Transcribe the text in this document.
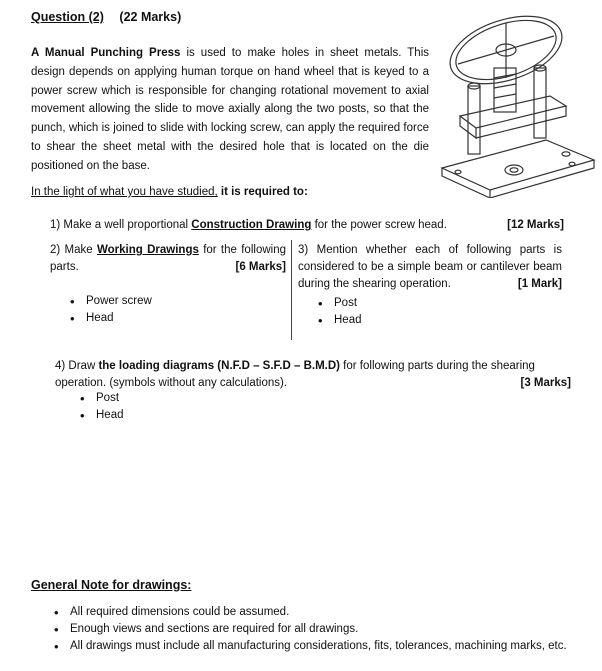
Question (2) (22 Marks)
A Manual Punching Press is used to make holes in sheet metals. This design depends on applying human torque on hand wheel that is keyed to a power screw which is responsible for changing rotational movement to axial movement allowing the slide to move axially along the two posts, so that the punch, which is joined to slide with locking screw, can apply the required force to shear the sheet metal with the desired hole that is located on the die positioned on the base.
In the light of what you have studied, it is required to:
1) Make a well proportional Construction Drawing for the power screw head.	[12 Marks]
2) Make Working Drawings for the following parts.	[6 Marks]
3) Mention whether each of following parts is considered to be a simple beam or cantilever beam during the shearing operation.	[1 Mark]
• Power screw
• Head
• Post
• Head
4) Draw the loading diagrams (N.F.D – S.F.D – B.M.D) for following parts during the shearing
operation. (symbols without any calculations).	[3 Marks]
• Post
• Head
General Note for drawings:
• All required dimensions could be assumed.
• Enough views and sections are required for all drawings.
• All drawings must include all manufacturing considerations, fits, tolerances, machining marks, etc.
